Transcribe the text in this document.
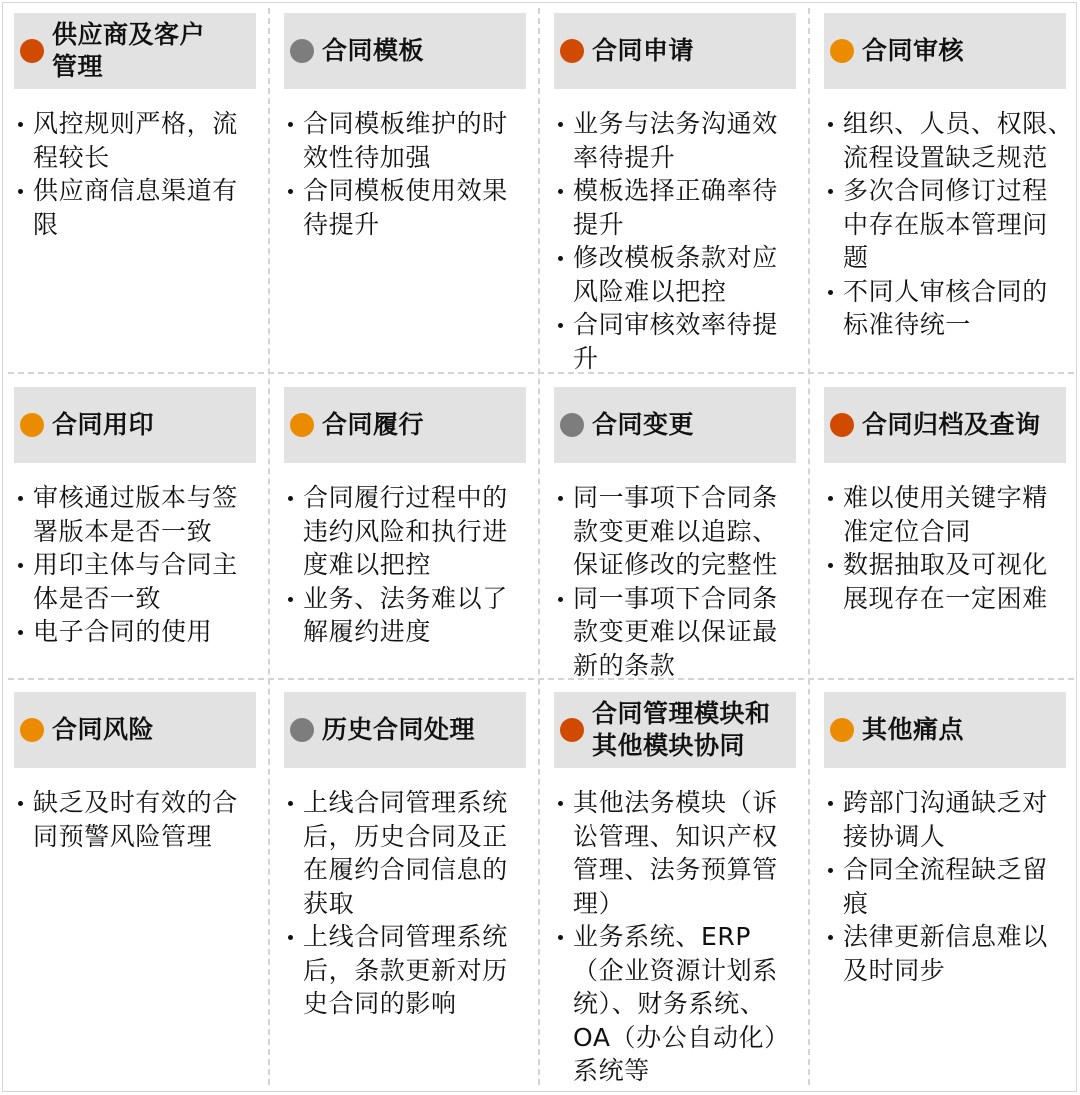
供应商及客户
管理
风控规则严格，流
程较长
供应商信息渠道有
限
合同模板
合同模板维护的时
效性待加强
合同模板使用效果
待提升
合同申请
业务与法务沟通效
率待提升
模板选择正确率待
提升
修改模板条款对应
风险难以把控
合同审核效率待提
升
合同审核
组织、人员、权限、
流程设置缺乏规范
多次合同修订过程
中存在版本管理问
题
不同人审核合同的
标准待统一
合同用印
审核通过版本与签
署版本是否一致
用印主体与合同主
体是否一致
电子合同的使用
合同履行
合同履行过程中的
违约风险和执行进
度难以把控
业务、法务难以了
解履约进度
合同变更
同一事项下合同条
款变更难以追踪、
保证修改的完整性
同一事项下合同条
款变更难以保证最
新的条款
合同归档及查询
难以使用关键字精
准定位合同
数据抽取及可视化
展现存在一定困难
合同风险
缺乏及时有效的合
同预警风险管理
历史合同处理
上线合同管理系统
后，历史合同及正
在履约合同信息的
获取
上线合同管理系统
后，条款更新对历
史合同的影响
合同管理模块和
其他模块协同
其他法务模块（诉
讼管理、知识产权
管理、法务预算管
理）
业务系统、ERP
（企业资源计划系
统）、财务系统、
OA（办公自动化）
系统等
其他痛点
跨部门沟通缺乏对
接协调人
合同全流程缺乏留
痕
法律更新信息难以
及时同步
